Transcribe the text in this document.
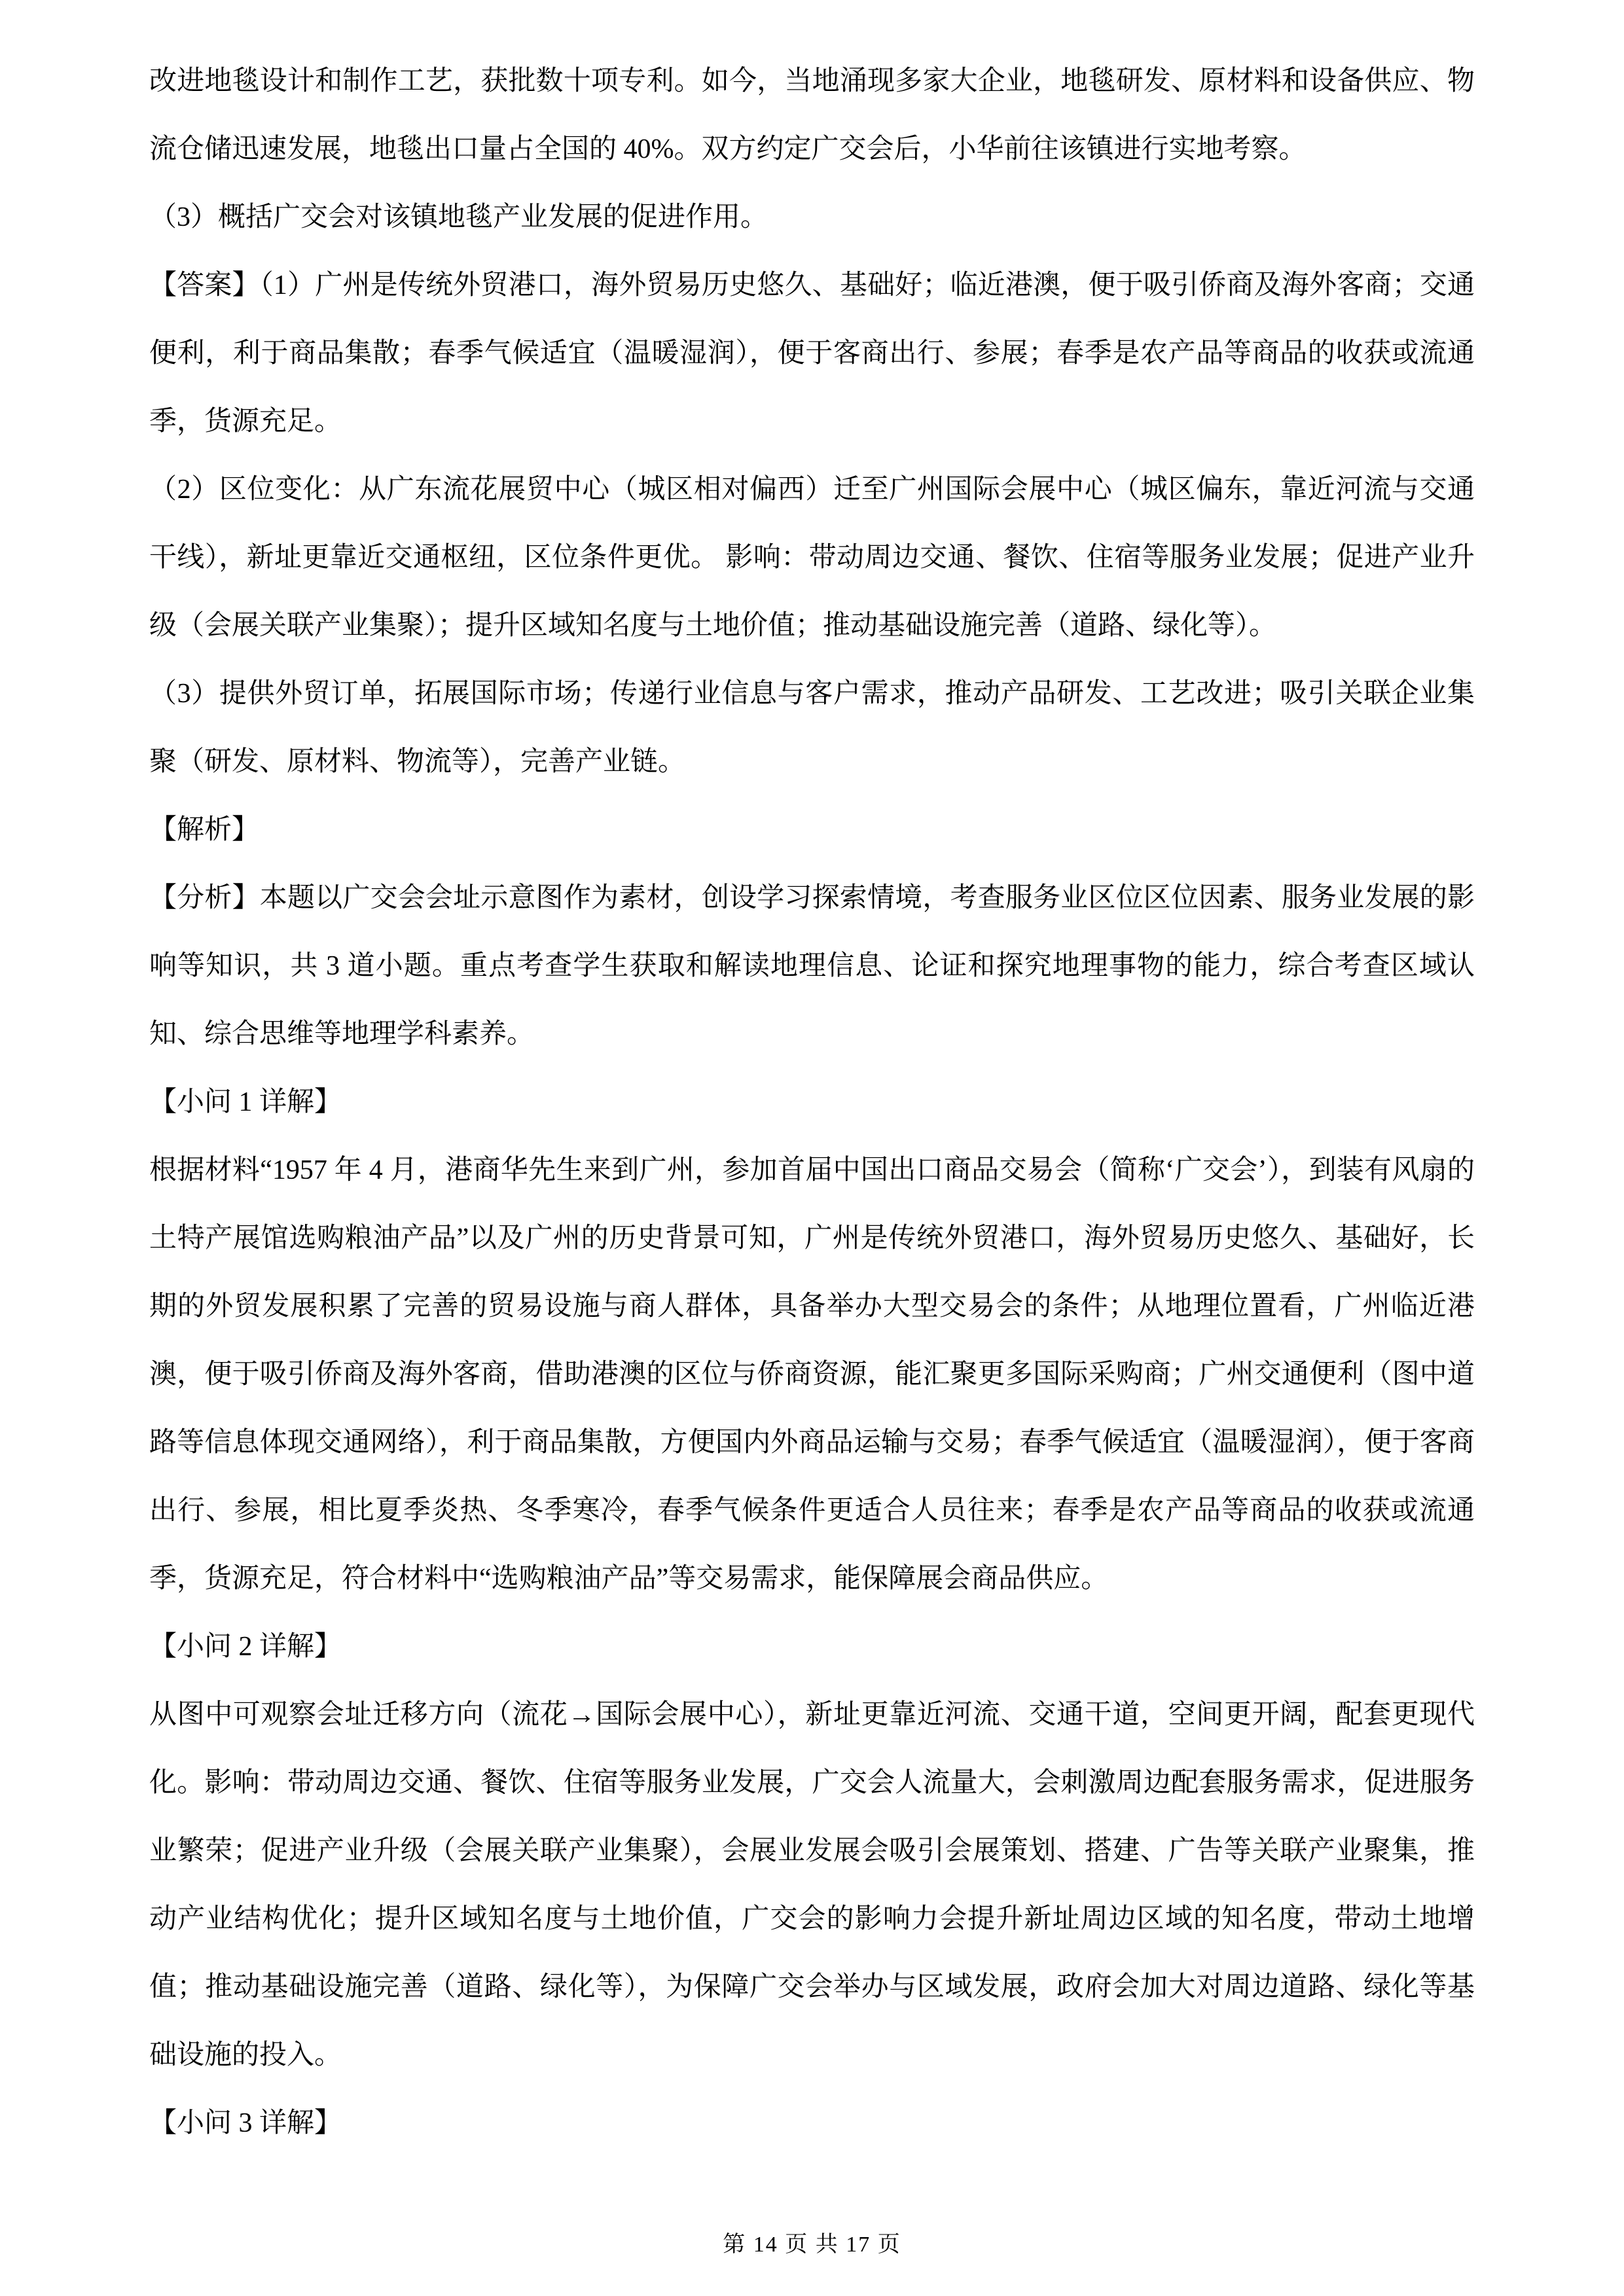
改进地毯设计和制作工艺，获批数十项专利。如今，当地涌现多家大企业，地毯研发、原材料和设备供应、物流仓储迅速发展，地毯出口量占全国的 40%。双方约定广交会后，小华前往该镇进行实地考察。

（3）概括广交会对该镇地毯产业发展的促进作用。

【答案】（1）广州是传统外贸港口，海外贸易历史悠久、基础好；临近港澳，便于吸引侨商及海外客商；交通便利，利于商品集散；春季气候适宜（温暖湿润），便于客商出行、参展；春季是农产品等商品的收获或流通季，货源充足。

（2）区位变化：从广东流花展贸中心（城区相对偏西）迁至广州国际会展中心（城区偏东，靠近河流与交通干线），新址更靠近交通枢纽，区位条件更优。 影响：带动周边交通、餐饮、住宿等服务业发展；促进产业升级（会展关联产业集聚）；提升区域知名度与土地价值；推动基础设施完善（道路、绿化等）。

（3）提供外贸订单，拓展国际市场；传递行业信息与客户需求，推动产品研发、工艺改进；吸引关联企业集聚（研发、原材料、物流等），完善产业链。

【解析】

【分析】本题以广交会会址示意图作为素材，创设学习探索情境，考查服务业区位区位因素、服务业发展的影响等知识，共 3 道小题。重点考查学生获取和解读地理信息、论证和探究地理事物的能力，综合考查区域认知、综合思维等地理学科素养。

【小问 1 详解】

根据材料“1957 年 4 月，港商华先生来到广州，参加首届中国出口商品交易会（简称‘广交会’），到装有风扇的土特产展馆选购粮油产品”以及广州的历史背景可知，广州是传统外贸港口，海外贸易历史悠久、基础好，长期的外贸发展积累了完善的贸易设施与商人群体，具备举办大型交易会的条件；从地理位置看，广州临近港澳，便于吸引侨商及海外客商，借助港澳的区位与侨商资源，能汇聚更多国际采购商；广州交通便利（图中道路等信息体现交通网络），利于商品集散，方便国内外商品运输与交易；春季气候适宜（温暖湿润），便于客商出行、参展，相比夏季炎热、冬季寒冷，春季气候条件更适合人员往来；春季是农产品等商品的收获或流通季，货源充足，符合材料中“选购粮油产品”等交易需求，能保障展会商品供应。

【小问 2 详解】

从图中可观察会址迁移方向（流花→国际会展中心），新址更靠近河流、交通干道，空间更开阔，配套更现代化。影响：带动周边交通、餐饮、住宿等服务业发展，广交会人流量大，会刺激周边配套服务需求，促进服务业繁荣；促进产业升级（会展关联产业集聚），会展业发展会吸引会展策划、搭建、广告等关联产业聚集，推动产业结构优化；提升区域知名度与土地价值，广交会的影响力会提升新址周边区域的知名度，带动土地增值；推动基础设施完善（道路、绿化等），为保障广交会举办与区域发展，政府会加大对周边道路、绿化等基础设施的投入。

【小问 3 详解】

第 14 页 共 17 页
